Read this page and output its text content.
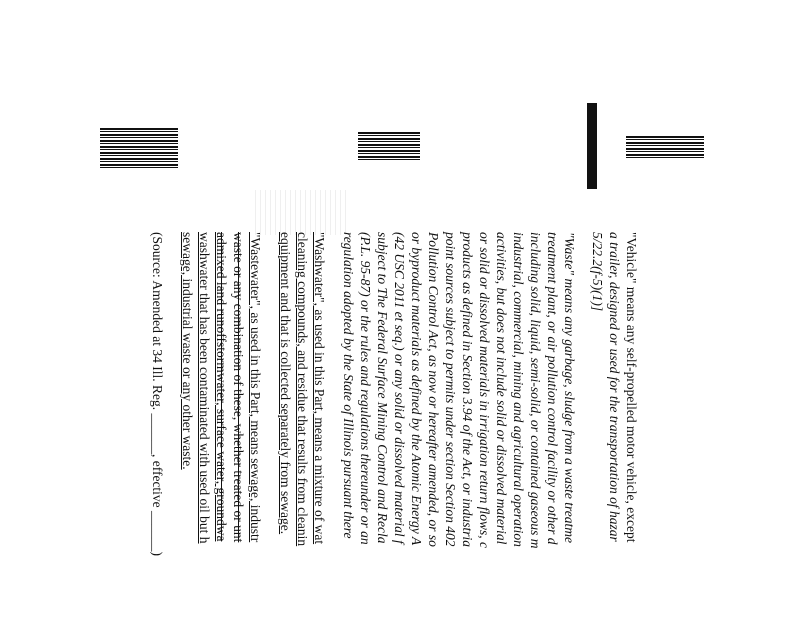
"Vehicle" means any self-propelled motor vehicle, except
a trailer, designed or used for the transportation of hazar
5/22.2(f-5)(1)]
"Waste" means any garbage, sludge from a waste treatme
treatment plant, or air pollution control facility or other d
including solid, liquid, semi-solid, or contained gaseous m
industrial, commercial, mining and agricultural operation
activities, but does not include solid or dissolved material
or solid or dissolved materials in irrigation return flows, c
products as defined in Section 3.94 of the Act, or industria
point sources subject to permits under section Section 402
Pollution Control Act, as now or hereafter amended, or so
or byproduct materials as defined by the Atomic Energy A
(42 USC 2011 et seq.) or any solid or dissolved material f
subject to The Federal Surface Mining Control and Recla
(P.L. 95-87) or the rules and regulations thereunder or an
regulation adopted by the State of Illinois pursuant there
"Washwater", as used in this Part, means a mixture of wat
cleaning compounds, and residue that results from cleanin
equipment and that is collected separately from sewage.
"Wastewater", as used in this Part, means sewage, industr
waste or any combination of these, whether treated or unt
admixed land runoffstormwater, surface water, groundwa
washwater that has been contaminated with used oil but h
sewage, industrial waste or any other waste.
(Source: Amended at 34 Ill. Reg. ______, effective ______)
